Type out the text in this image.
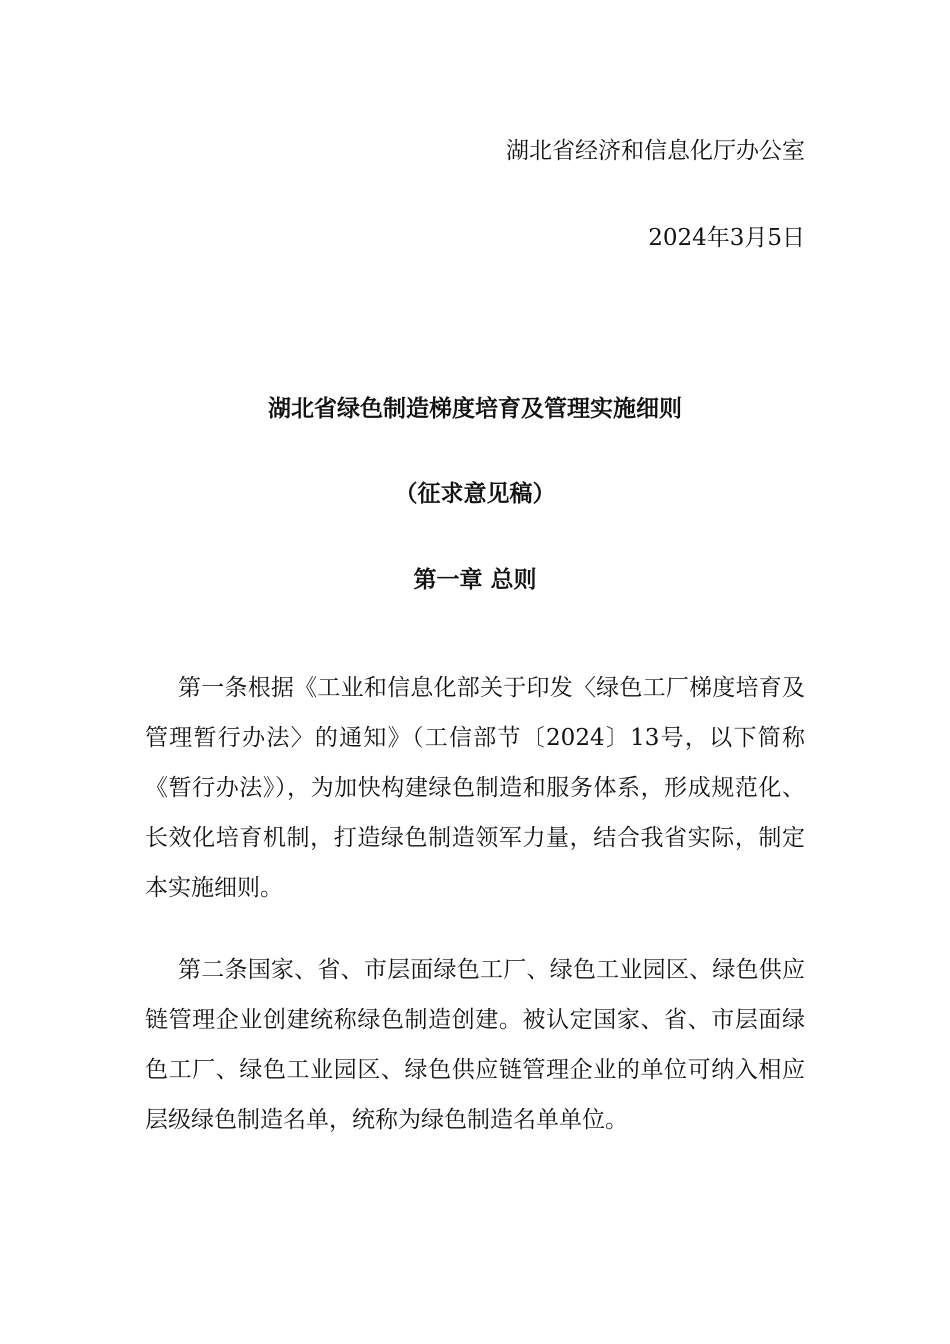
湖北省经济和信息化厅办公室
2024年3月5日
湖北省绿色制造梯度培育及管理实施细则
（征求意见稿）
第一章 总则

第一条根据《工业和信息化部关于印发〈绿色工厂梯度培育及管理暂行办法〉的通知》（工信部节〔2024〕13号，以下简称《暂行办法》），为加快构建绿色制造和服务体系，形成规范化、长效化培育机制，打造绿色制造领军力量，结合我省实际，制定本实施细则。

第二条国家、省、市层面绿色工厂、绿色工业园区、绿色供应链管理企业创建统称绿色制造创建。被认定国家、省、市层面绿色工厂、绿色工业园区、绿色供应链管理企业的单位可纳入相应层级绿色制造名单，统称为绿色制造名单单位。
